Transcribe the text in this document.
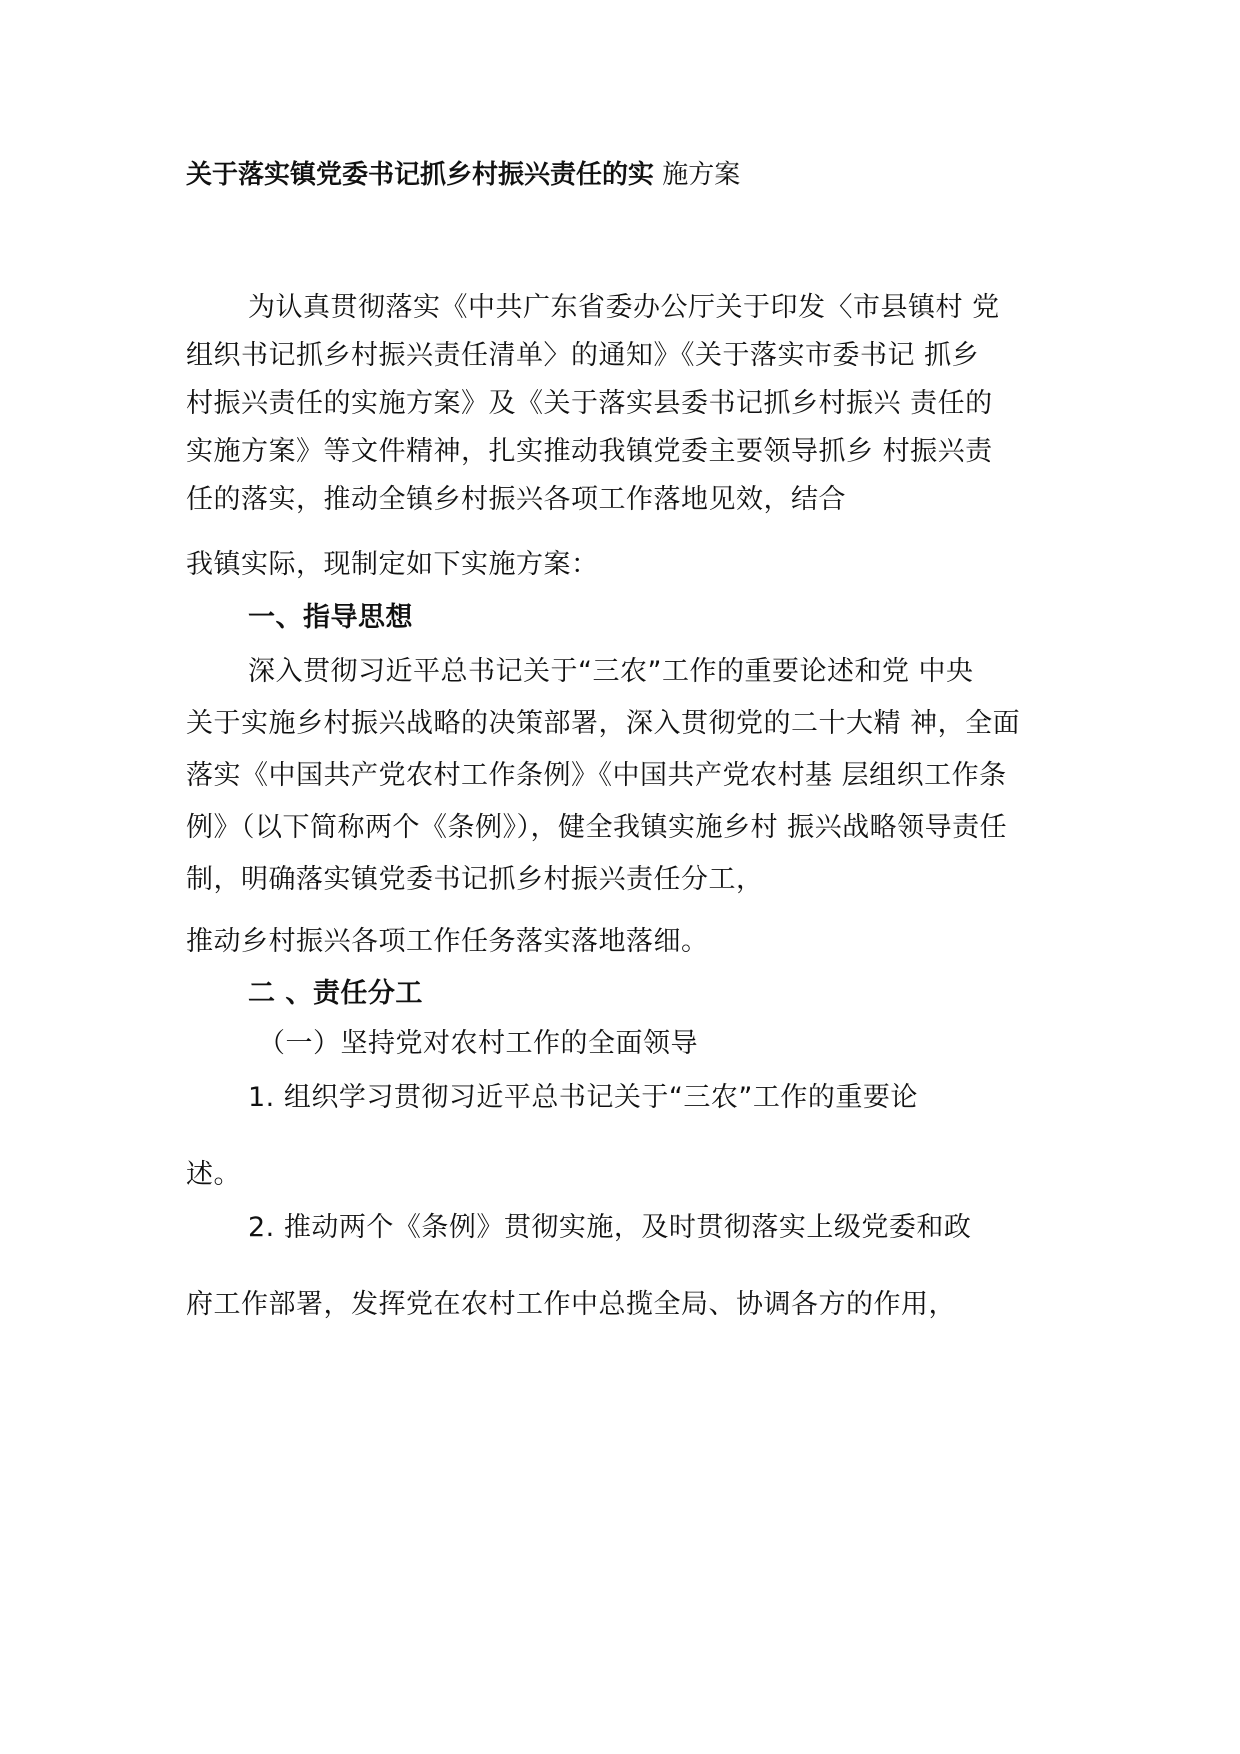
关于落实镇党委书记抓乡村振兴责任的实 施方案
为认真贯彻落实《中共广东省委办公厅关于印发〈市县镇村 党
组织书记抓乡村振兴责任清单〉的通知》《关于落实市委书记 抓乡
村振兴责任的实施方案》及《关于落实县委书记抓乡村振兴 责任的
实施方案》等文件精神，扎实推动我镇党委主要领导抓乡 村振兴责
任的落实，推动全镇乡村振兴各项工作落地见效，结合
我镇实际，现制定如下实施方案：
一、指导思想
深入贯彻习近平总书记关于“三农”工作的重要论述和党 中央
关于实施乡村振兴战略的决策部署，深入贯彻党的二十大精 神，全面
落实《中国共产党农村工作条例》《中国共产党农村基 层组织工作条
例》（以下简称两个《条例》），健全我镇实施乡村 振兴战略领导责任
制，明确落实镇党委书记抓乡村振兴责任分工，
推动乡村振兴各项工作任务落实落地落细。
二 、责任分工
（一）坚持党对农村工作的全面领导
1. 组织学习贯彻习近平总书记关于“三农”工作的重要论
述。
2. 推动两个《条例》贯彻实施，及时贯彻落实上级党委和政
府工作部署，发挥党在农村工作中总揽全局、协调各方的作用，
